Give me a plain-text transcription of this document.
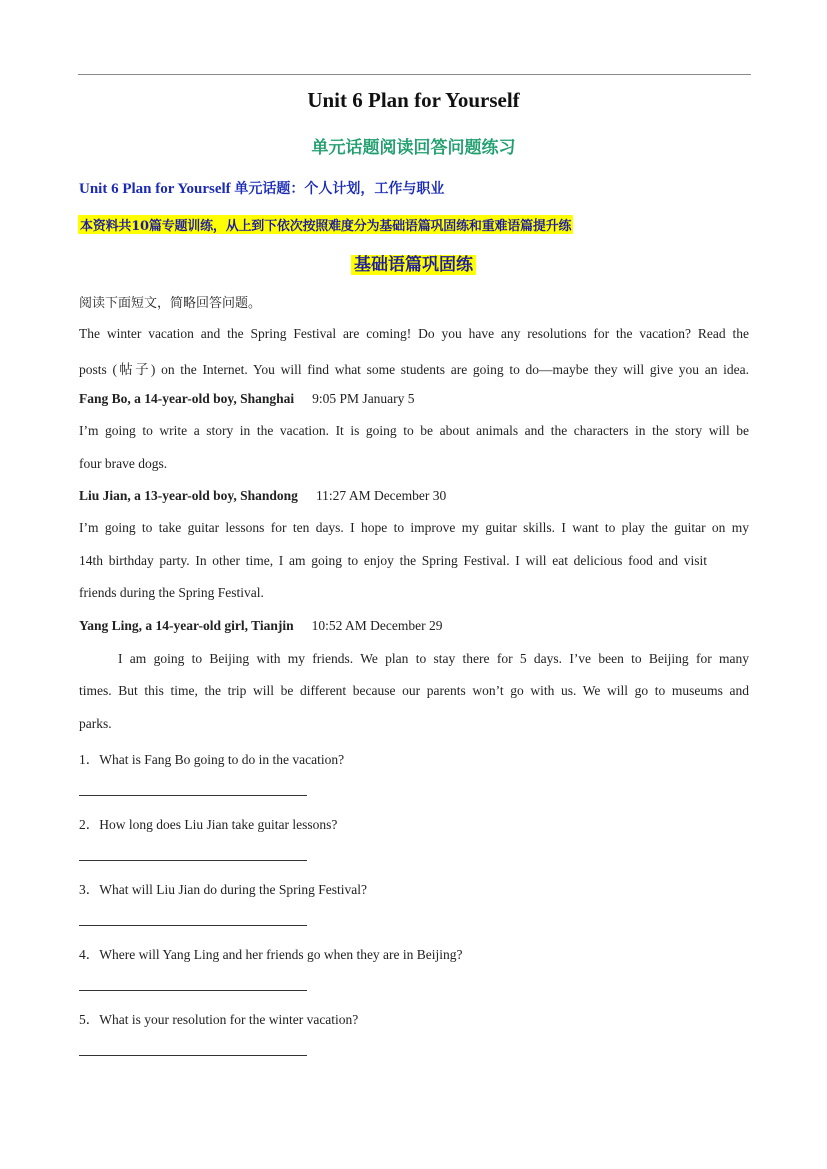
Unit 6 Plan for Yourself
单元话题阅读回答问题练习
Unit 6 Plan for Yourself 单元话题：个人计划，工作与职业
本资料共10篇专题训练，从上到下依次按照难度分为基础语篇巩固练和重难语篇提升练
基础语篇巩固练
阅读下面短文，简略回答问题。
The winter vacation and the Spring Festival are coming! Do you have any resolutions for the vacation? Read the
posts (帖子) on the Internet. You will find what some students are going to do—maybe they will give you an idea.
Fang Bo, a 14-year-old boy, Shanghai 9:05 PM January 5
I’m going to write a story in the vacation. It is going to be about animals and the characters in the story will be
four brave dogs.
Liu Jian, a 13-year-old boy, Shandong 11:27 AM December 30
I’m going to take guitar lessons for ten days. I hope to improve my guitar skills. I want to play the guitar on my
14th birthday party. In other time, I am going to enjoy the Spring Festival. I will eat delicious food and visit
friends during the Spring Festival.
Yang Ling, a 14-year-old girl, Tianjin 10:52 AM December 29
I am going to Beijing with my friends. We plan to stay there for 5 days. I’ve been to Beijing for many
times. But this time, the trip will be different because our parents won’t go with us. We will go to museums and
parks.
1．What is Fang Bo going to do in the vacation?
2．How long does Liu Jian take guitar lessons?
3．What will Liu Jian do during the Spring Festival?
4．Where will Yang Ling and her friends go when they are in Beijing?
5．What is your resolution for the winter vacation?
